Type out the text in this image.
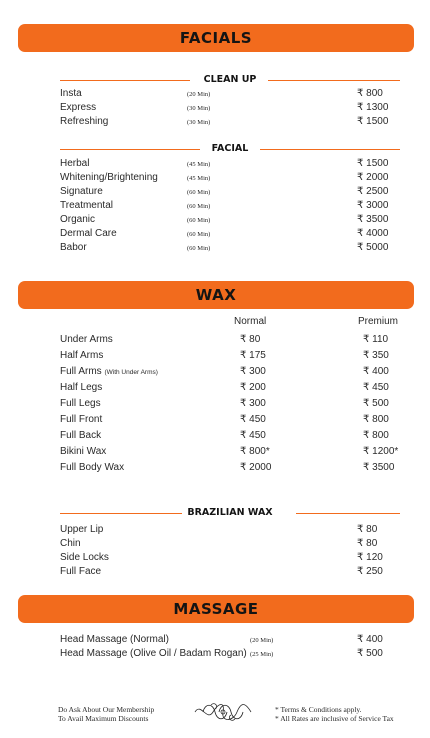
FACIALS
CLEAN UP
Insta	(20 Min)	₹ 800
Express	(30 Min)	₹ 1300
Refreshing	(30 Min)	₹ 1500
FACIAL
Herbal	(45 Min)	₹ 1500
Whitening/Brightening	(45 Min)	₹ 2000
Signature	(60 Min)	₹ 2500
Treatmental	(60 Min)	₹ 3000
Organic	(60 Min)	₹ 3500
Dermal Care	(60 Min)	₹ 4000
Babor	(60 Min)	₹ 5000
WAX
Normal	Premium
Under Arms	₹ 80	₹ 110
Half Arms	₹ 175	₹ 350
Full Arms (With Under Arms)	₹ 300	₹ 400
Half Legs	₹ 200	₹ 450
Full Legs	₹ 300	₹ 500
Full Front	₹ 450	₹ 800
Full Back	₹ 450	₹ 800
Bikini Wax	₹ 800*	₹ 1200*
Full Body Wax	₹ 2000	₹ 3500
BRAZILIAN WAX
Upper Lip	₹ 80
Chin	₹ 80
Side Locks	₹ 120
Full Face	₹ 250
MASSAGE
Head Massage (Normal)	(20 Min)	₹ 400
Head Massage (Olive Oil / Badam Rogan) (25 Min)	₹ 500
Do Ask About Our Membership
To Avail Maximum Discounts
* Terms & Conditions apply.
* All Rates are inclusive of Service Tax
